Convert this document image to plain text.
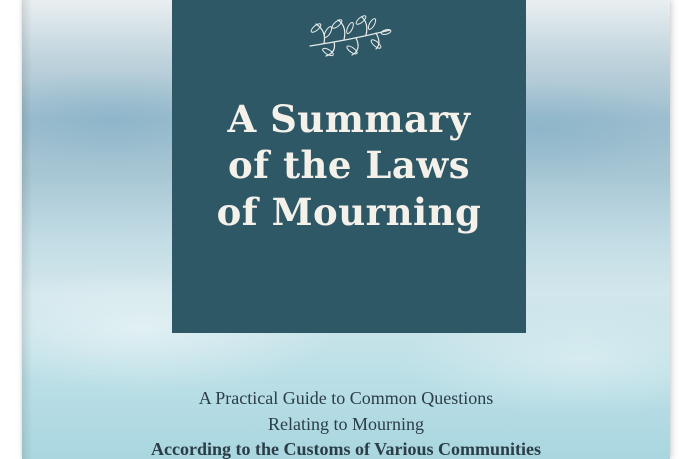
A Summary
of the Laws
of Mourning

A Practical Guide to Common Questions

Relating to Mourning

According to the Customs of Various Communities
